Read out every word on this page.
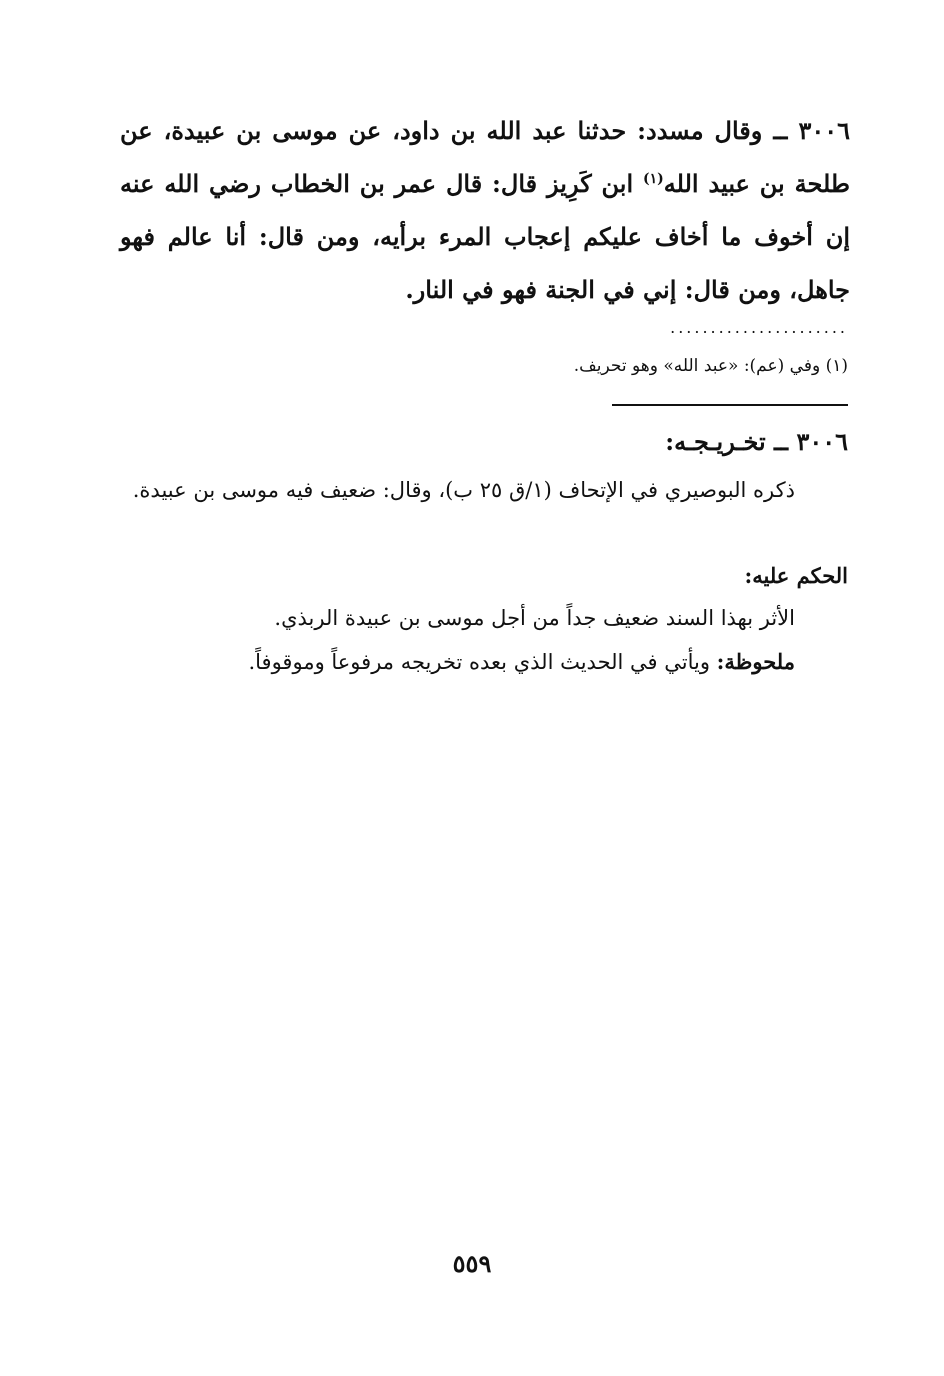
٣٠٠٦ ــ وقال مسدد: حدثنا عبد الله بن داود، عن موسى بن عبيدة، عن طلحة بن عبيد الله$^{(١)}$ ابن كَرِيز قال: قال عمر بن الخطاب رضي الله عنه إن أخوف ما أخاف عليكم إعجاب المرء برأيه، ومن قال: أنا عالم فهو جاهل، ومن قال: إني في الجنة فهو في النار.

......................
(١) وفي (عم): «عبد الله» وهو تحريف.
٣٠٠٦ ــ تخـريـجـه:

ذكره البوصيري في الإتحاف (١/ق ٢٥ ب)، وقال: ضعيف فيه موسى بن عبيدة.

الحكم عليه:
الأثر بهذا السند ضعيف جداً من أجل موسى بن عبيدة الربذي.
ملحوظة: ويأتي في الحديث الذي بعده تخريجه مرفوعاً وموقوفاً.
٥٥٩
